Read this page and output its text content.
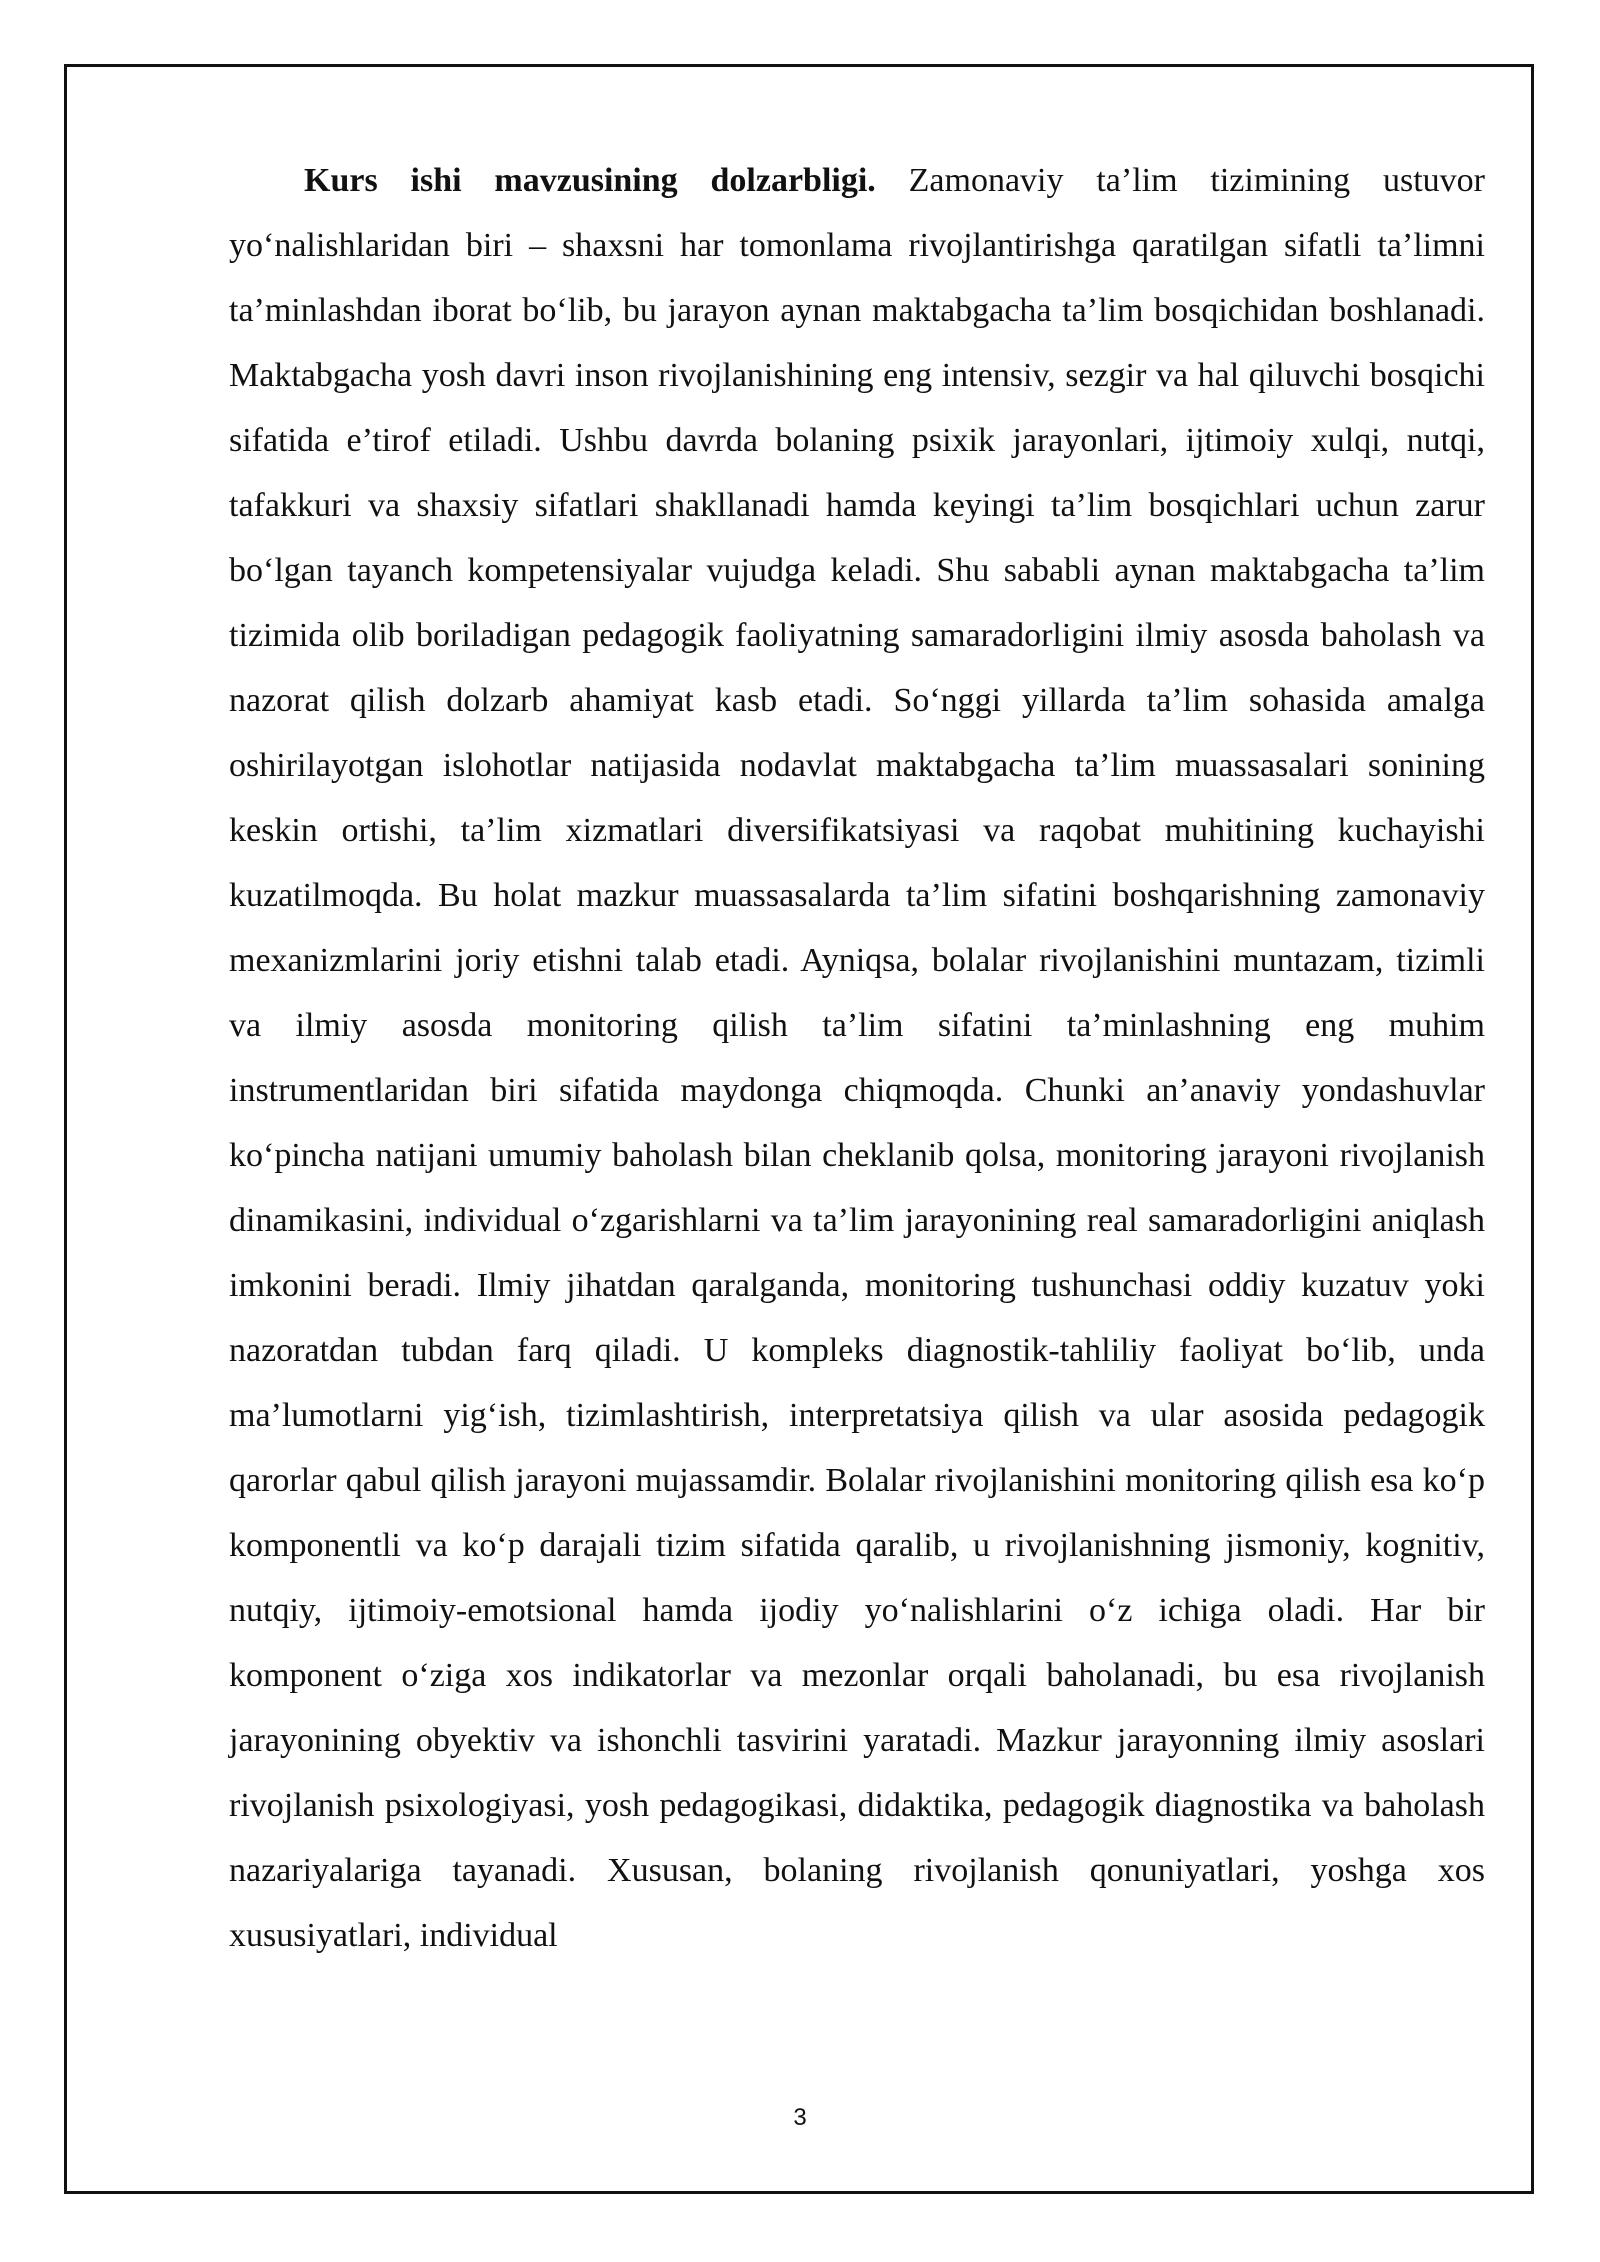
Kurs ishi mavzusining dolzarbligi. Zamonaviy ta’lim tizimining ustuvor yo‘nalishlaridan biri – shaxsni har tomonlama rivojlantirishga qaratilgan sifatli ta’limni ta’minlashdan iborat bo‘lib, bu jarayon aynan maktabgacha ta’lim bosqichidan boshlanadi. Maktabgacha yosh davri inson rivojlanishining eng intensiv, sezgir va hal qiluvchi bosqichi sifatida e’tirof etiladi. Ushbu davrda bolaning psixik jarayonlari, ijtimoiy xulqi, nutqi, tafakkuri va shaxsiy sifatlari shakllanadi hamda keyingi ta’lim bosqichlari uchun zarur bo‘lgan tayanch kompetensiyalar vujudga keladi. Shu sababli aynan maktabgacha ta’lim tizimida olib boriladigan pedagogik faoliyatning samaradorligini ilmiy asosda baholash va nazorat qilish dolzarb ahamiyat kasb etadi. So‘nggi yillarda ta’lim sohasida amalga oshirilayotgan islohotlar natijasida nodavlat maktabgacha ta’lim muassasalari sonining keskin ortishi, ta’lim xizmatlari diversifikatsiyasi va raqobat muhitining kuchayishi kuzatilmoqda. Bu holat mazkur muassasalarda ta’lim sifatini boshqarishning zamonaviy mexanizmlarini joriy etishni talab etadi. Ayniqsa, bolalar rivojlanishini muntazam, tizimli va ilmiy asosda monitoring qilish ta’lim sifatini ta’minlashning eng muhim instrumentlaridan biri sifatida maydonga chiqmoqda. Chunki an’anaviy yondashuvlar ko‘pincha natijani umumiy baholash bilan cheklanib qolsa, monitoring jarayoni rivojlanish dinamikasini, individual o‘zgarishlarni va ta’lim jarayonining real samaradorligini aniqlash imkonini beradi. Ilmiy jihatdan qaralganda, monitoring tushunchasi oddiy kuzatuv yoki nazoratdan tubdan farq qiladi. U kompleks diagnostik-tahliliy faoliyat bo‘lib, unda ma’lumotlarni yig‘ish, tizimlashtirish, interpretatsiya qilish va ular asosida pedagogik qarorlar qabul qilish jarayoni mujassamdir. Bolalar rivojlanishini monitoring qilish esa ko‘p komponentli va ko‘p darajali tizim sifatida qaralib, u rivojlanishning jismoniy, kognitiv, nutqiy, ijtimoiy-emotsional hamda ijodiy yo‘nalishlarini o‘z ichiga oladi. Har bir komponent o‘ziga xos indikatorlar va mezonlar orqali baholanadi, bu esa rivojlanish jarayonining obyektiv va ishonchli tasvirini yaratadi. Mazkur jarayonning ilmiy asoslari rivojlanish psixologiyasi, yosh pedagogikasi, didaktika, pedagogik diagnostika va baholash nazariyalariga tayanadi. Xususan, bolaning rivojlanish qonuniyatlari, yoshga xos xususiyatlari, individual

3
